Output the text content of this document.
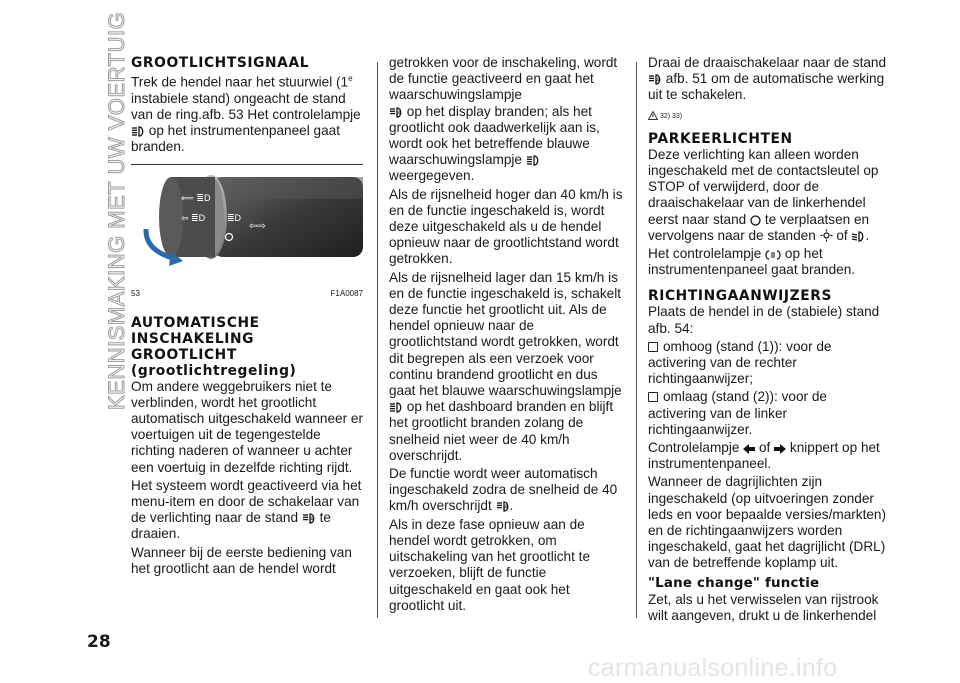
KENNISMAKING MET UW VOERTUIG GROOTLICHTSIGNAAL

Trek de hendel naar het stuurwiel (1e instabiele stand) ongeacht de stand van de ring.afb. 53 Het controlelampje
op het instrumentenpaneel gaat branden.

⟸ ≣D
⇦ ≣D ≣D
⇦⇨
53	F1A0087
AUTOMATISCHE INSCHAKELING GROOTLICHT (grootlichtregeling)

Om andere weggebruikers niet te verblinden, wordt het grootlicht automatisch uitgeschakeld wanneer er voertuigen uit de tegengestelde richting naderen of wanneer u achter een voertuig in dezelfde richting rijdt.

Het systeem wordt geactiveerd via het menu-item en door de schakelaar van de verlichting naar de stand A te draaien.

Wanneer bij de eerste bediening van het grootlicht aan de hendel wordt

getrokken voor de inschakeling, wordt de functie geactiveerd en gaat het waarschuwingslampje

A op het display branden; als het grootlicht ook daadwerkelijk aan is, wordt ook het betreffende blauwe waarschuwingslampje  weergegeven.

Als de rijsnelheid hoger dan 40 km/h is en de functie ingeschakeld is, wordt deze uitgeschakeld als u de hendel opnieuw naar de grootlichtstand wordt getrokken.

Als de rijsnelheid lager dan 15 km/h is en de functie ingeschakeld is, schakelt deze functie het grootlicht uit. Als de hendel opnieuw naar de grootlichtstand wordt getrokken, wordt dit begrepen als een verzoek voor continu brandend grootlicht en dus gaat het blauwe waarschuwingslampje  op het dashboard branden en blijft het grootlicht branden zolang de snelheid niet weer de 40 km/h overschrijdt.

De functie wordt weer automatisch ingeschakeld zodra de snelheid de 40 km/h overschrijdt A .

Als in deze fase opnieuw aan de hendel wordt getrokken, om uitschakeling van het grootlicht te verzoeken, blijft de functie uitgeschakeld en gaat ook het grootlicht uit.

Draai de draaischakelaar naar de stand
A afb. 51 om de automatische werking uit te schakelen.

32) 33)
PARKEERLICHTEN

Deze verlichting kan alleen worden ingeschakeld met de contactsleutel op STOP of verwijderd, door de draaischakelaar van de linkerhendel eerst naar stand te verplaatsen en vervolgens naar de standen of .

Het controlelampje op het instrumentenpaneel gaat branden.

RICHTINGAANWIJZERS

Plaats de hendel in de (stabiele) stand afb. 54:

omhoog (stand (1)): voor de activering van de rechter richtingaanwijzer;

omlaag (stand (2)): voor de activering van de linker richtingaanwijzer.

Controlelampje of knippert op het instrumentenpaneel.

Wanneer de dagrijlichten zijn ingeschakeld (op uitvoeringen zonder leds en voor bepaalde versies/markten) en de richtingaanwijzers worden ingeschakeld, gaat het dagrijlicht (DRL) van de betreffende koplamp uit.

"Lane change" functie

Zet, als u het verwisselen van rijstrook wilt aangeven, drukt u de linkerhendel

28
carmanualsonline.info
